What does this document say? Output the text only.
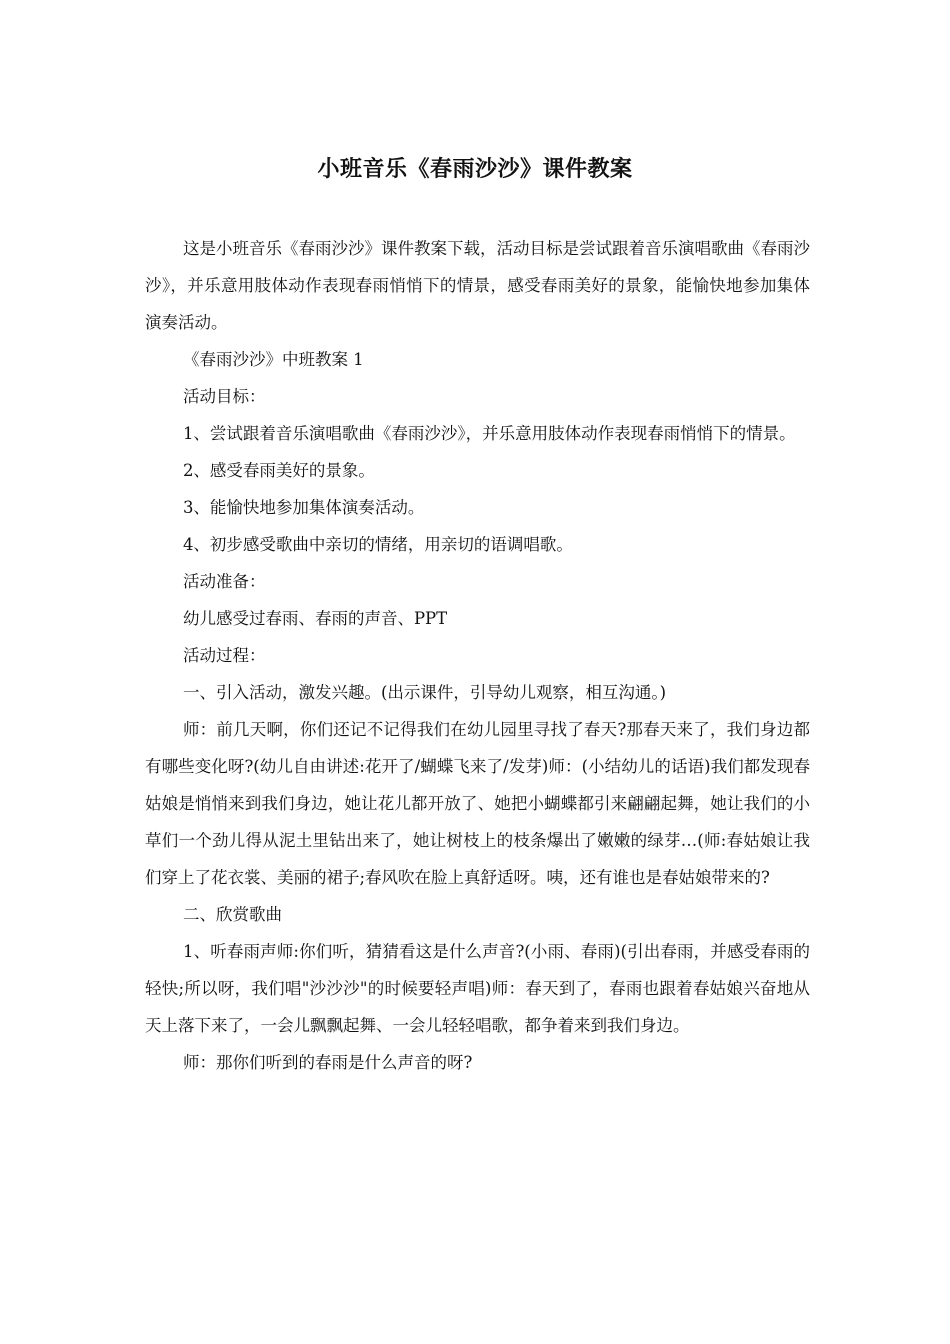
小班音乐《春雨沙沙》课件教案

这是小班音乐《春雨沙沙》课件教案下载，活动目标是尝试跟着音乐演唱歌曲《春雨沙沙》，并乐意用肢体动作表现春雨悄悄下的情景，感受春雨美好的景象，能愉快地参加集体演奏活动。

《春雨沙沙》中班教案 1

活动目标：

1、尝试跟着音乐演唱歌曲《春雨沙沙》，并乐意用肢体动作表现春雨悄悄下的情景。

2、感受春雨美好的景象。

3、能愉快地参加集体演奏活动。

4、初步感受歌曲中亲切的情绪，用亲切的语调唱歌。

活动准备：

幼儿感受过春雨、春雨的声音、PPT

活动过程：

一、引入活动，激发兴趣。(出示课件，引导幼儿观察，相互沟通。)

师：前几天啊，你们还记不记得我们在幼儿园里寻找了春天?那春天来了，我们身边都有哪些变化呀?(幼儿自由讲述:花开了/蝴蝶飞来了/发芽)师：(小结幼儿的话语)我们都发现春姑娘是悄悄来到我们身边，她让花儿都开放了、她把小蝴蝶都引来翩翩起舞，她让我们的小草们一个劲儿得从泥土里钻出来了，她让树枝上的枝条爆出了嫩嫩的绿芽…(师:春姑娘让我们穿上了花衣裳、美丽的裙子;春风吹在脸上真舒适呀。咦，还有谁也是春姑娘带来的?

二、欣赏歌曲

1、听春雨声师:你们听，猜猜看这是什么声音?(小雨、春雨)(引出春雨，并感受春雨的轻快;所以呀，我们唱"沙沙沙"的时候要轻声唱)师：春天到了，春雨也跟着春姑娘兴奋地从天上落下来了，一会儿飘飘起舞、一会儿轻轻唱歌，都争着来到我们身边。

师：那你们听到的春雨是什么声音的呀?
